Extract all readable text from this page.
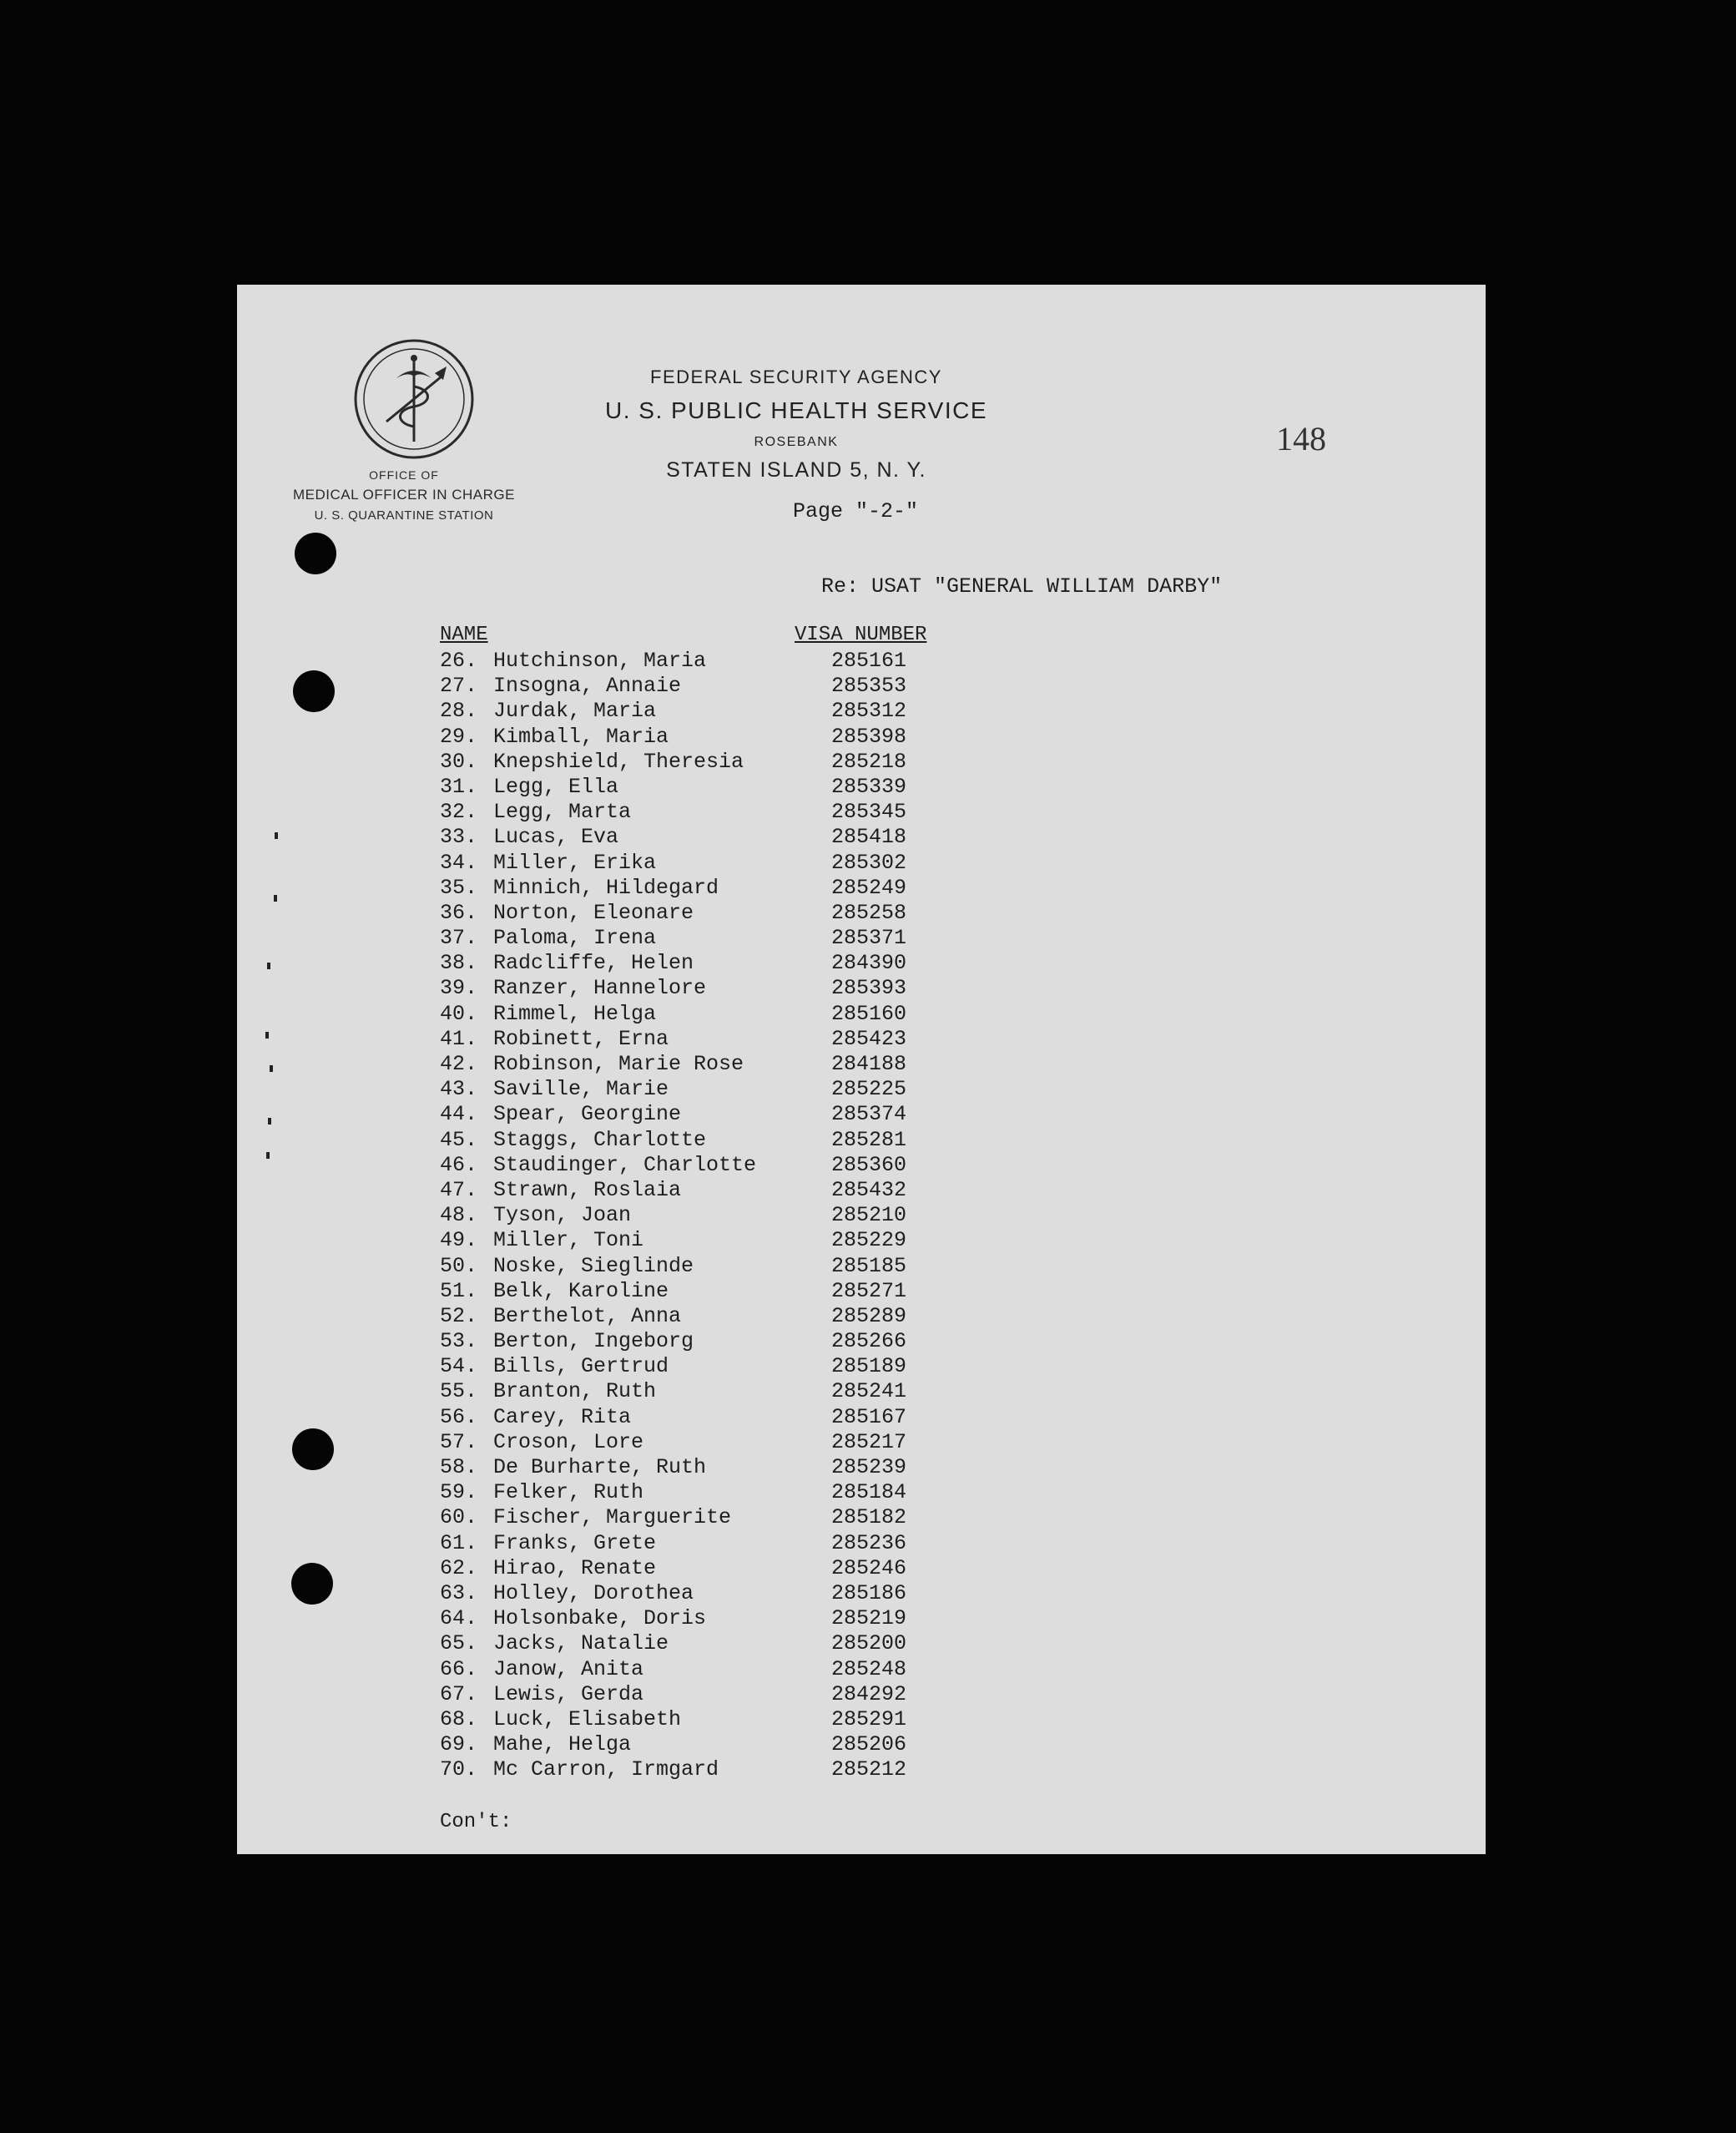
OFFICE OF
MEDICAL OFFICER IN CHARGE
U. S. QUARANTINE STATION
FEDERAL SECURITY AGENCY
U. S. PUBLIC HEALTH SERVICE
ROSEBANK
STATEN ISLAND 5, N. Y.
148
Page "-2-"
Re: USAT "GENERAL WILLIAM DARBY"
NAME	VISA NUMBER
26. Hutchinson, Maria	285161
27. Insogna, Annaie	285353
28. Jurdak, Maria	285312
29. Kimball, Maria	285398
30. Knepshield, Theresia	285218
31. Legg, Ella	285339
32. Legg, Marta	285345
33. Lucas, Eva	285418
34. Miller, Erika	285302
35. Minnich, Hildegard	285249
36. Norton, Eleonare	285258
37. Paloma, Irena	285371
38. Radcliffe, Helen	284390
39. Ranzer, Hannelore	285393
40. Rimmel, Helga	285160
41. Robinett, Erna	285423
42. Robinson, Marie Rose	284188
43. Saville, Marie	285225
44. Spear, Georgine	285374
45. Staggs, Charlotte	285281
46. Staudinger, Charlotte	285360
47. Strawn, Roslaia	285432
48. Tyson, Joan	285210
49. Miller, Toni	285229
50. Noske, Sieglinde	285185
51. Belk, Karoline	285271
52. Berthelot, Anna	285289
53. Berton, Ingeborg	285266
54. Bills, Gertrud	285189
55. Branton, Ruth	285241
56. Carey, Rita	285167
57. Croson, Lore	285217
58. De Burharte, Ruth	285239
59. Felker, Ruth	285184
60. Fischer, Marguerite	285182
61. Franks, Grete	285236
62. Hirao, Renate	285246
63. Holley, Dorothea	285186
64. Holsonbake, Doris	285219
65. Jacks, Natalie	285200
66. Janow, Anita	285248
67. Lewis, Gerda	284292
68. Luck, Elisabeth	285291
69. Mahe, Helga	285206
70. Mc Carron, Irmgard	285212
Con't:
